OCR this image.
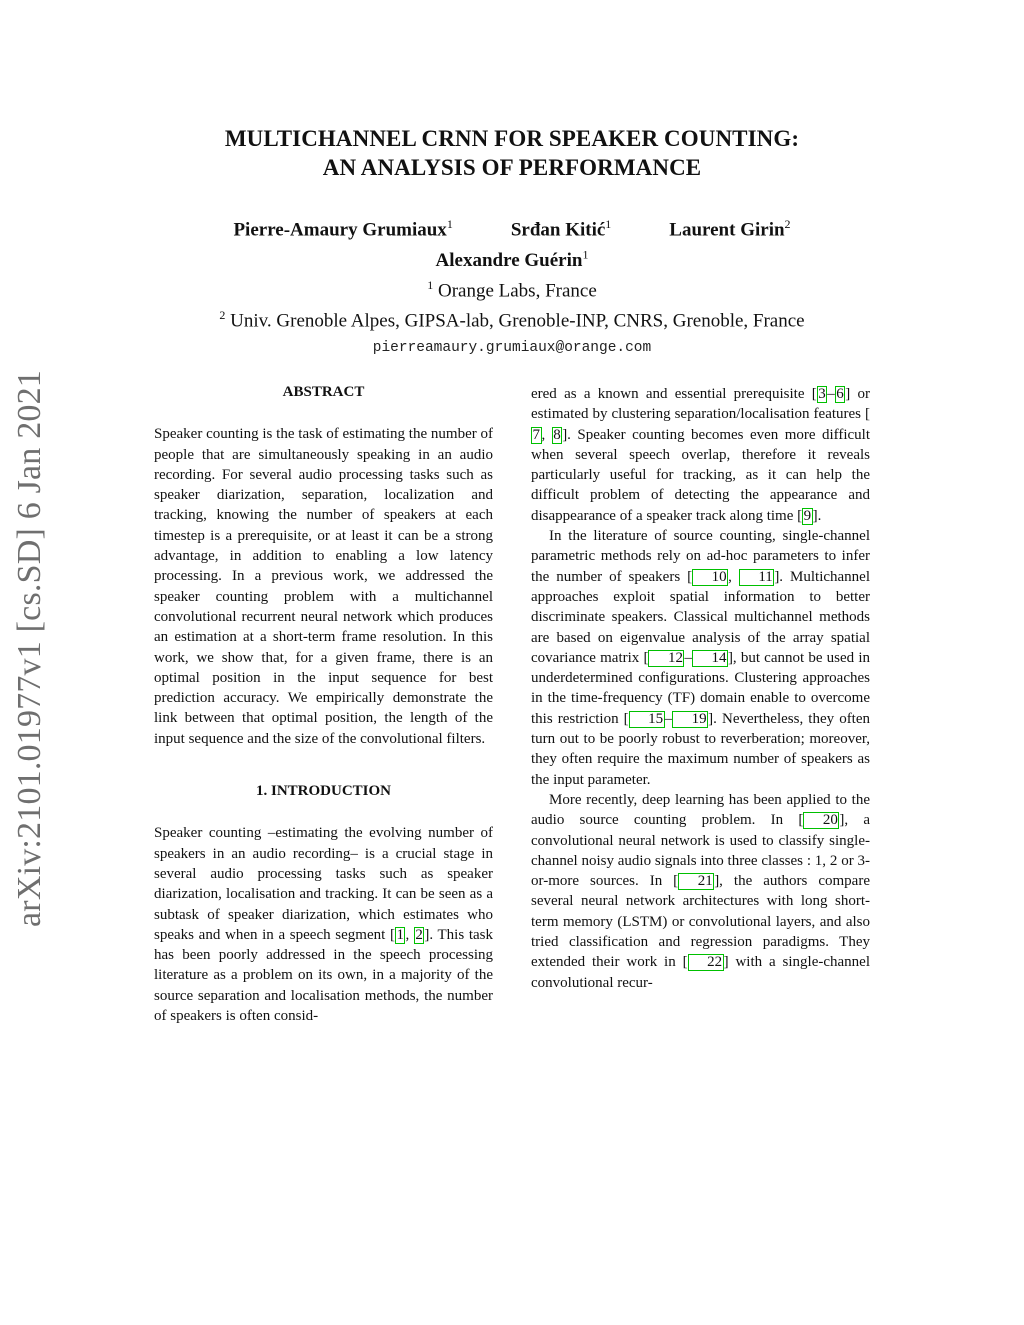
arXiv:2101.01977v1 [cs.SD] 6 Jan 2021
MULTICHANNEL CRNN FOR SPEAKER COUNTING:
AN ANALYSIS OF PERFORMANCE
Pierre-Amaury Grumiaux$^1$	Srđan Kitić$^1$	Laurent Girin$^2$
Alexandre Guérin$^1$
$^1$ Orange Labs, France
$^2$ Univ. Grenoble Alpes, GIPSA-lab, Grenoble-INP, CNRS, Grenoble, France
pierreamaury.grumiaux@orange.com
ABSTRACT

Speaker counting is the task of estimating the number of people that are simultaneously speaking in an audio recording. For several audio processing tasks such as speaker diarization, separation, localization and tracking, knowing the number of speakers at each timestep is a prerequisite, or at least it can be a strong advantage, in addition to enabling a low latency processing. In a previous work, we addressed the speaker counting problem with a multichannel convolutional recurrent neural network which produces an estimation at a short-term frame resolution. In this work, we show that, for a given frame, there is an optimal position in the input sequence for best prediction accuracy. We empirically demonstrate the link between that optimal position, the length of the input sequence and the size of the convolutional filters.

1. INTRODUCTION

Speaker counting –estimating the evolving number of speakers in an audio recording– is a crucial stage in several audio processing tasks such as speaker diarization, localisation and tracking. It can be seen as a subtask of speaker diarization, which estimates who speaks and when in a speech segment [ 1 , 2 ]. This task has been poorly addressed in the speech processing literature as a problem on its own, in a majority of the source separation and localisation methods, the number of speakers is often consid-

ered as a known and essential prerequisite [ 3 – 6 ] or estimated by clustering separation/localisation features [7 , 8 ]. Speaker counting becomes even more difficult when several speech overlap, therefore it reveals particularly useful for tracking, as it can help the difficult problem of detecting the appearance and disappearance of a speaker track along time [ 9 ].

In the literature of source counting, single-channel parametric methods rely on ad-hoc parameters to infer the number of speakers [ 10 , 11 ]. Multichannel approaches exploit spatial information to better discriminate speakers. Classical multichannel methods are based on eigenvalue analysis of the array spatial covariance matrix [ 12 – 14 ], but cannot be used in underdetermined configurations. Clustering approaches in the time-frequency (TF) domain enable to overcome this restriction [ 15 – 19 ]. Nevertheless, they often turn out to be poorly robust to reverberation; moreover, they often require the maximum number of speakers as the input parameter.

More recently, deep learning has been applied to the audio source counting problem. In [ 20 ], a convolutional neural network is used to classify single-channel noisy audio signals into three classes : 1, 2 or 3-or-more sources. In [ 21 ], the authors compare several neural network architectures with long short-term memory (LSTM) or convolutional layers, and also tried classification and regression paradigms. They extended their work in [ 22 ] with a single-channel convolutional recur-
